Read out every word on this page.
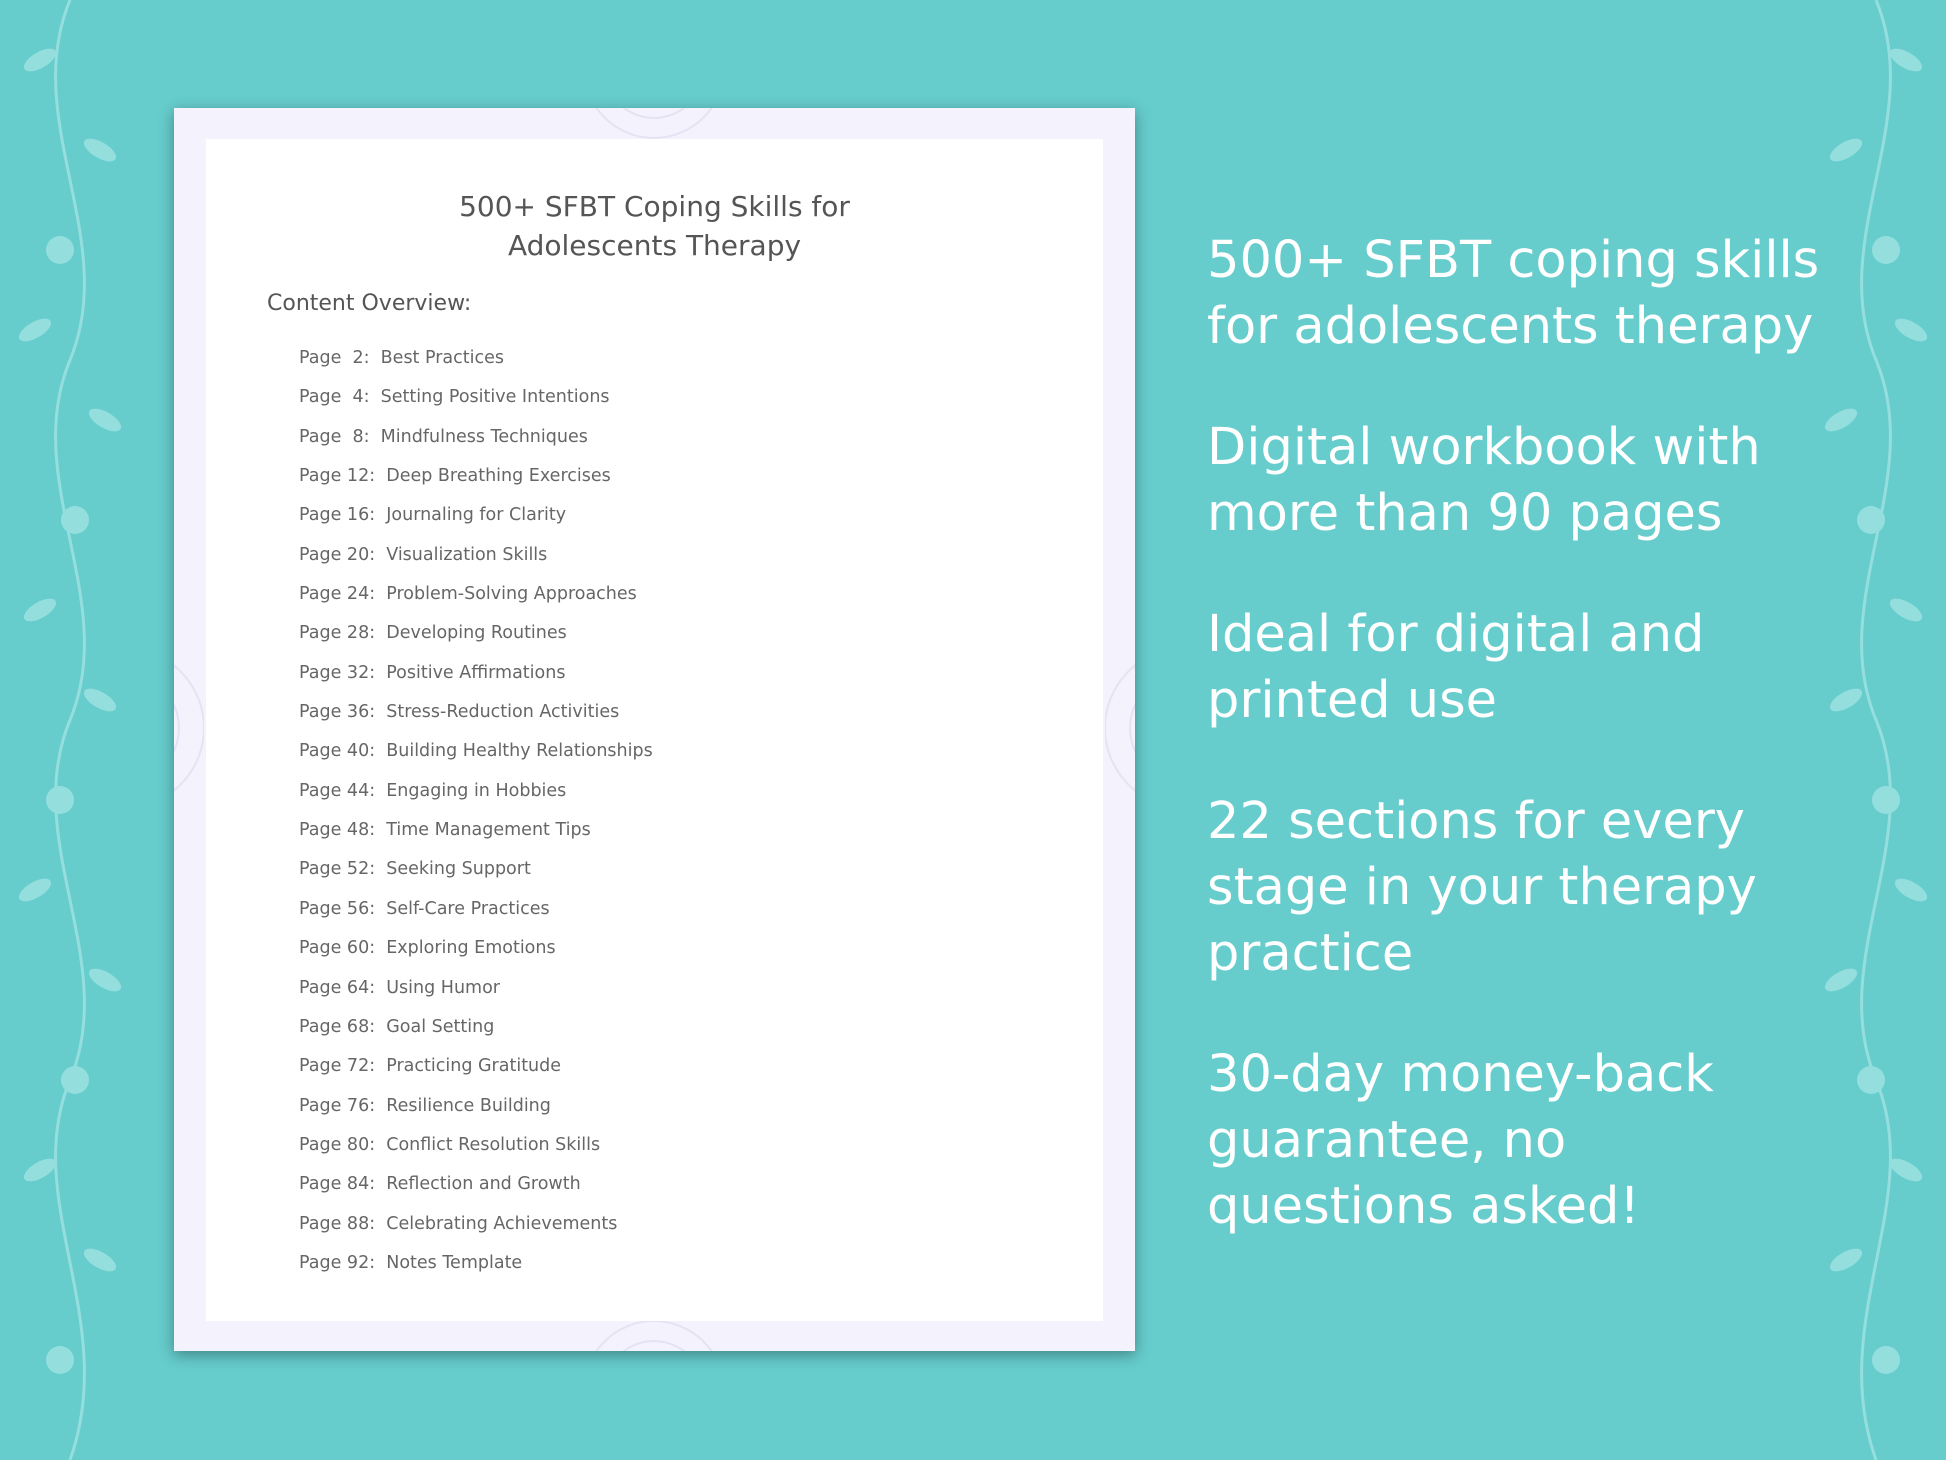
500+ SFBT Coping Skills for
Adolescents Therapy
Content Overview:
Page  2: Best Practices
Page  4: Setting Positive Intentions
Page  8: Mindfulness Techniques
Page 12: Deep Breathing Exercises
Page 16: Journaling for Clarity
Page 20: Visualization Skills
Page 24: Problem-Solving Approaches
Page 28: Developing Routines
Page 32: Positive Affirmations
Page 36: Stress-Reduction Activities
Page 40: Building Healthy Relationships
Page 44: Engaging in Hobbies
Page 48: Time Management Tips
Page 52: Seeking Support
Page 56: Self-Care Practices
Page 60: Exploring Emotions
Page 64: Using Humor
Page 68: Goal Setting
Page 72: Practicing Gratitude
Page 76: Resilience Building
Page 80: Conflict Resolution Skills
Page 84: Reflection and Growth
Page 88: Celebrating Achievements
Page 92: Notes Template
500+ SFBT coping skills
for adolescents therapy
Digital workbook with
more than 90 pages
Ideal for digital and
printed use
22 sections for every
stage in your therapy
practice
30-day money-back
guarantee, no
questions asked!
